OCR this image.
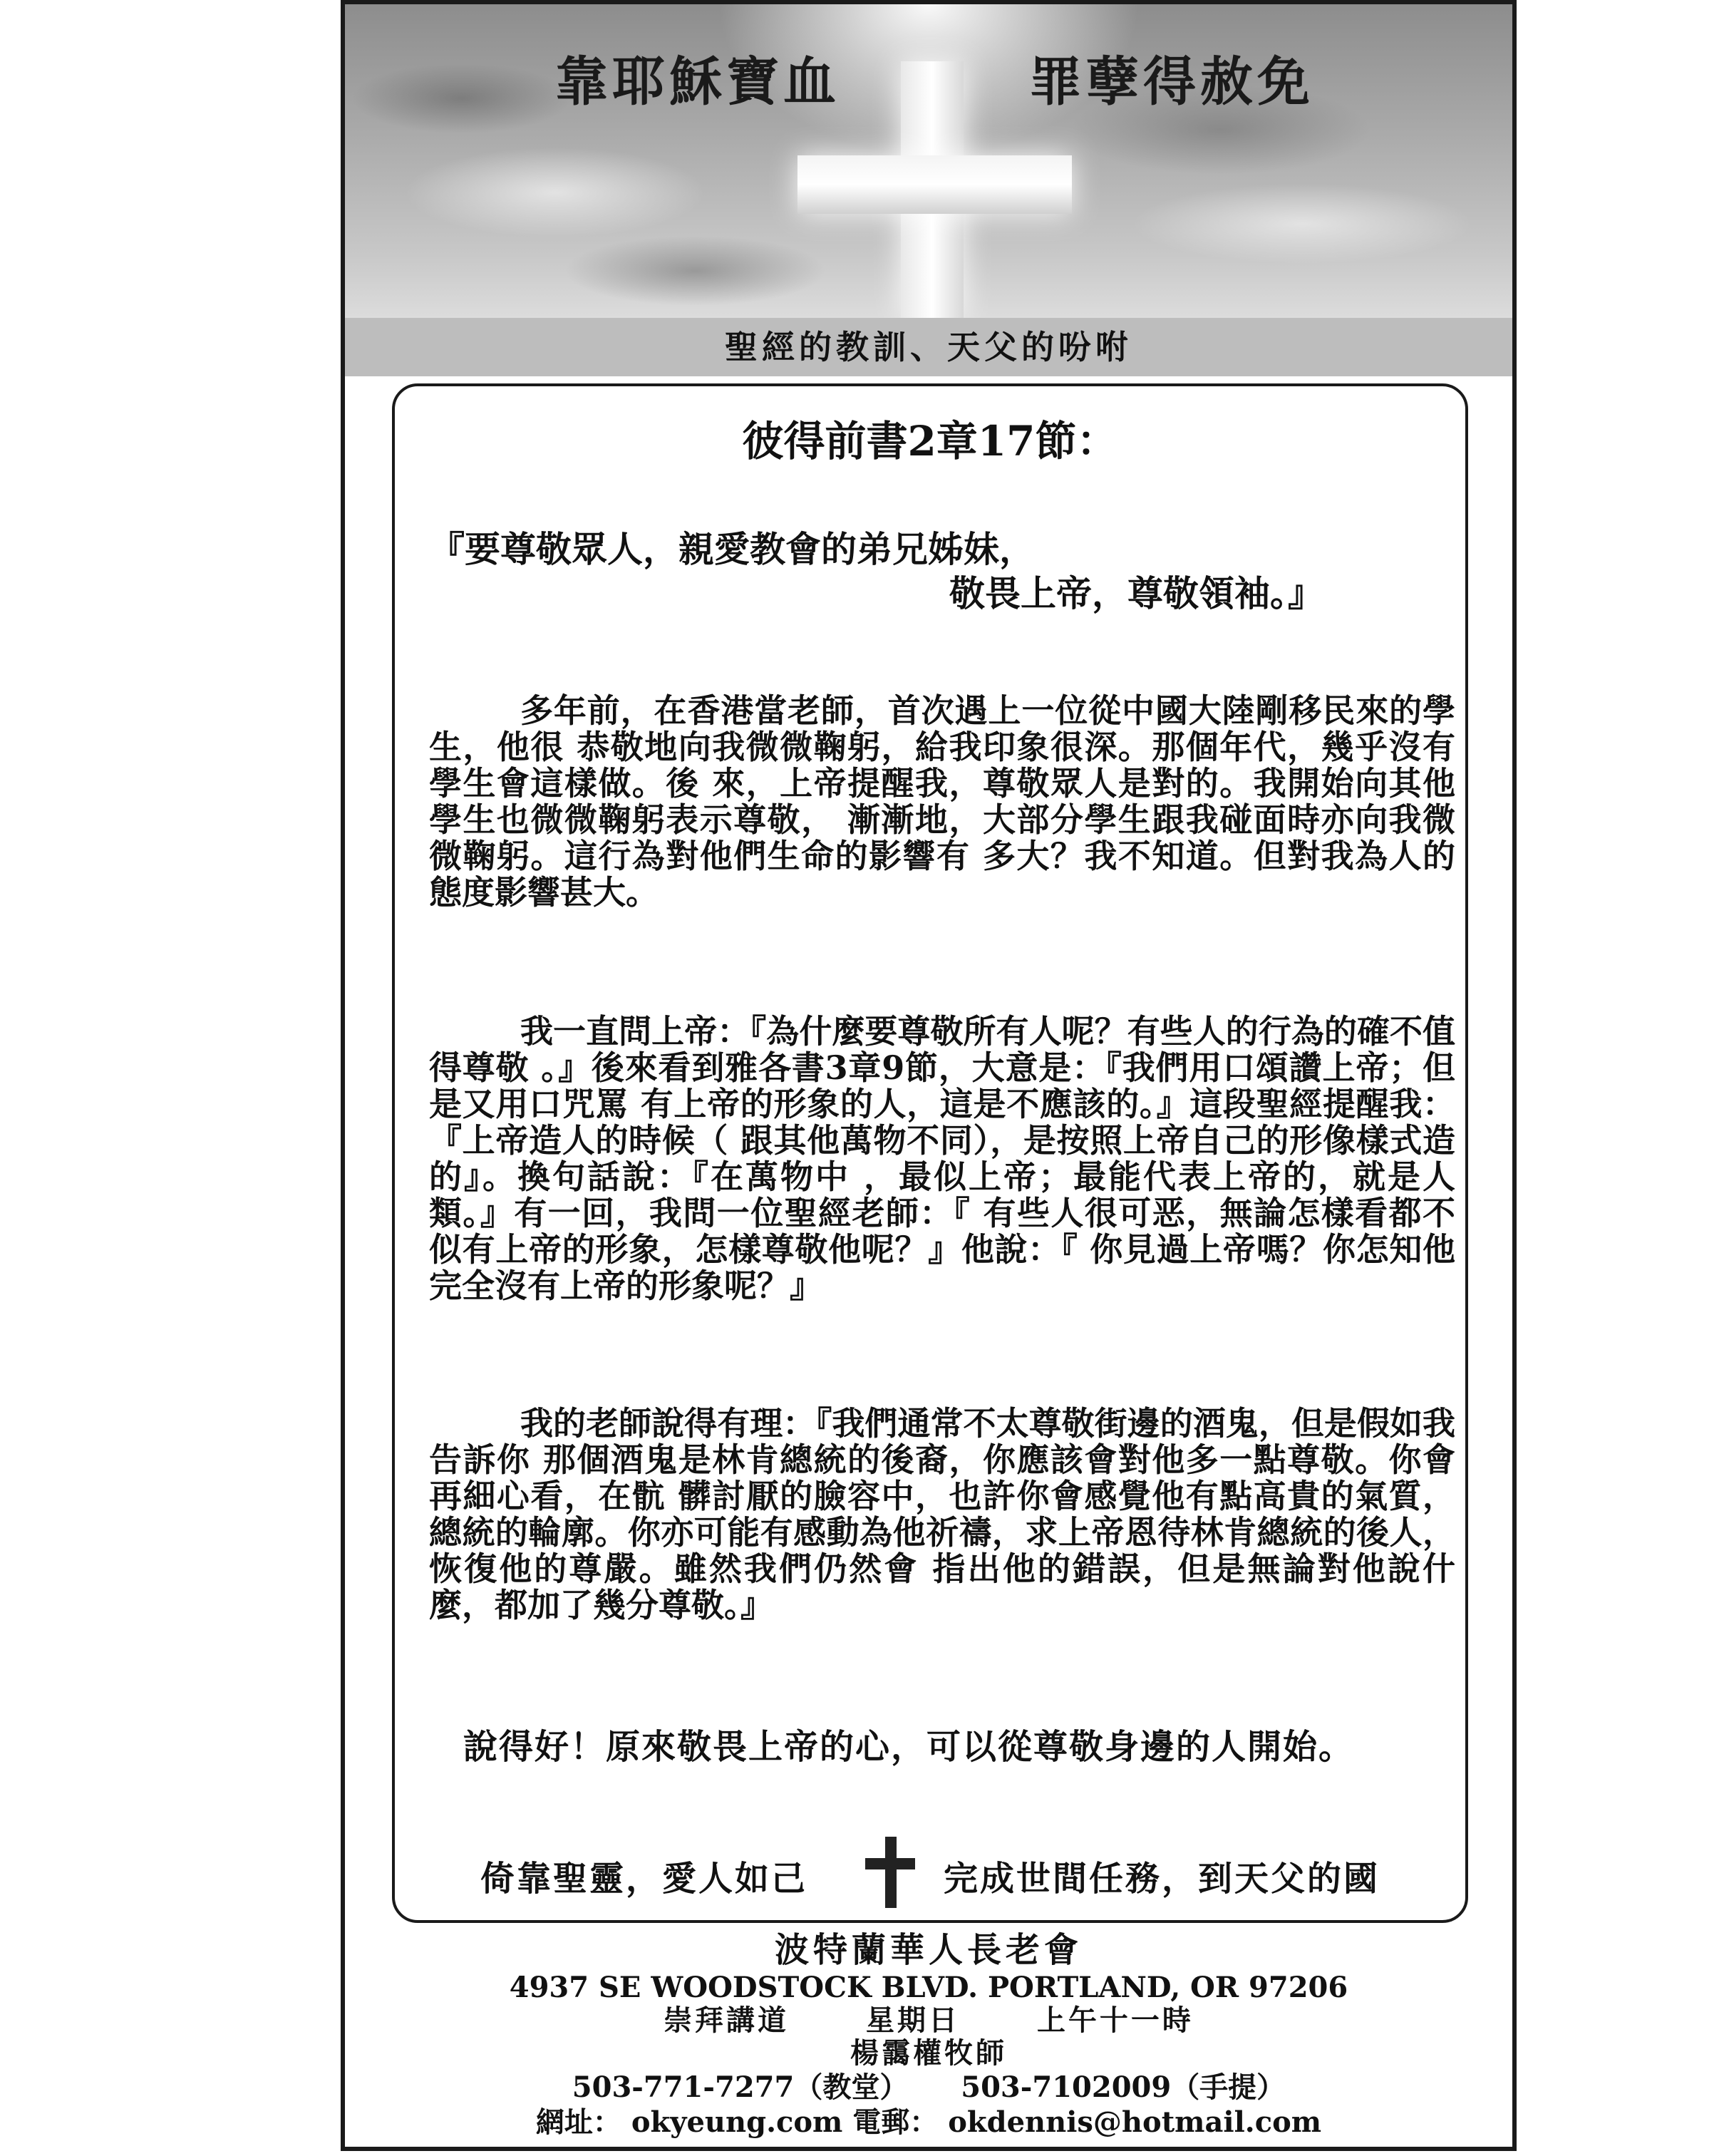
靠耶穌寶血	罪孽得赦免
聖經的教訓、天父的吩咐
彼得前書2章17節：
『要尊敬眾人，親愛教會的弟兄姊妹，
敬畏上帝，尊敬領袖。』
多年前，在香港當老師，首次遇上一位從中國大陸剛移民來的學生，他很 恭敬地向我微微鞠躬，給我印象很深。那個年代，幾乎沒有學生會這樣做。後 來，上帝提醒我，尊敬眾人是對的。我開始向其他學生也微微鞠躬表示尊敬， 漸漸地，大部分學生跟我碰面時亦向我微微鞠躬。這行為對他們生命的影響有 多大？我不知道。但對我為人的態度影響甚大。
我一直問上帝：『為什麼要尊敬所有人呢？有些人的行為的確不值得尊敬 。』後來看到雅各書3章9節，大意是：『我們用口頌讚上帝；但是又用口咒罵 有上帝的形象的人，這是不應該的。』這段聖經提醒我：『上帝造人的時候（ 跟其他萬物不同），是按照上帝自己的形像樣式造的』。換句話說：『在萬物中 ，最似上帝；最能代表上帝的，就是人類。』有一回，我問一位聖經老師：『 有些人很可恶，無論怎樣看都不似有上帝的形象，怎樣尊敬他呢？』他說：『 你見過上帝嗎？你怎知他完全沒有上帝的形象呢？』
我的老師說得有理：『我們通常不太尊敬街邊的酒鬼，但是假如我告訴你 那個酒鬼是林肯總統的後裔，你應該會對他多一點尊敬。你會再細心看，在骯 髒討厭的臉容中，也許你會感覺他有點高貴的氣質，總統的輪廓。你亦可能有感動為他祈禱，求上帝恩待林肯總統的後人，恢復他的尊嚴。雖然我們仍然會 指出他的錯誤，但是無論對他說什麼，都加了幾分尊敬。』
說得好！原來敬畏上帝的心，可以從尊敬身邊的人開始。
倚靠聖靈，愛人如己	完成世間任務，到天父的國
波特蘭華人長老會
4937 SE WOODSTOCK BLVD. PORTLAND, OR 97206
崇拜講道	星期日	上午十一時
楊靄權牧師
503-771-7277（教堂） 503-7102009（手提）
網址： okyeung.com 電郵： okdennis@hotmail.com
